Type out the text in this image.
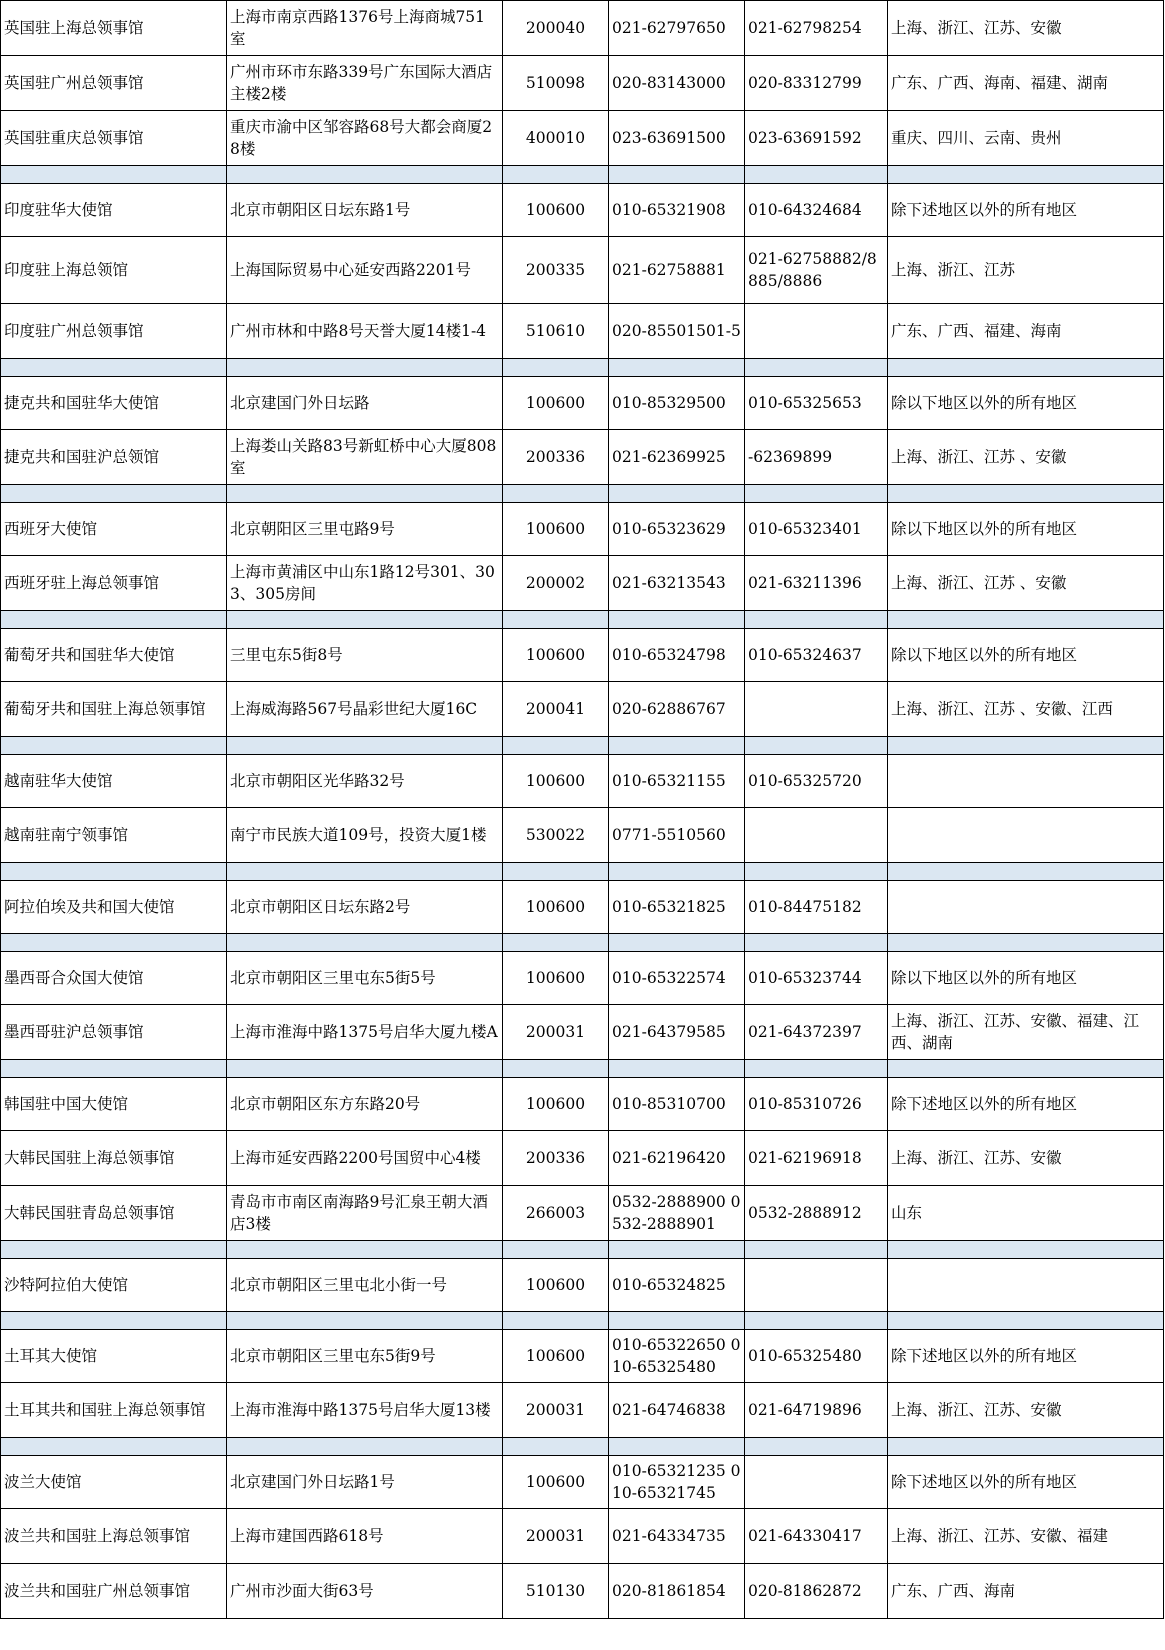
英国驻上海总领事馆	上海市南京西路1376号上海商城751室	200040	021-62797650	021-62798254	上海、浙江、江苏、安徽
英国驻广州总领事馆	广州市环市东路339号广东国际大酒店主楼2楼	510098	020-83143000	020-83312799	广东、广西、海南、福建、湖南
英国驻重庆总领事馆	重庆市渝中区邹容路68号大都会商厦28楼	400010	023-63691500	023-63691592	重庆、四川、云南、贵州

印度驻华大使馆	北京市朝阳区日坛东路1号	100600	010-65321908	010-64324684	除下述地区以外的所有地区
印度驻上海总领馆	上海国际贸易中心延安西路2201号	200335	021-62758881	021-62758882/8885/8886	上海、浙江、江苏
印度驻广州总领事馆	广州市林和中路8号天誉大厦14楼1-4	510610	020-85501501-5		广东、广西、福建、海南

捷克共和国驻华大使馆	北京建国门外日坛路	100600	010-85329500	010-65325653	除以下地区以外的所有地区
捷克共和国驻沪总领馆	上海娄山关路83号新虹桥中心大厦808室	200336	021-62369925	-62369899	上海、浙江、江苏 、安徽

西班牙大使馆	北京朝阳区三里屯路9号	100600	010-65323629	010-65323401	除以下地区以外的所有地区
西班牙驻上海总领事馆	上海市黄浦区中山东1路12号301、303、305房间	200002	021-63213543	021-63211396	上海、浙江、江苏 、安徽

葡萄牙共和国驻华大使馆	三里屯东5街8号	100600	010-65324798	010-65324637	除以下地区以外的所有地区
葡萄牙共和国驻上海总领事馆	上海威海路567号晶彩世纪大厦16C	200041	020-62886767		上海、浙江、江苏 、安徽、江西

越南驻华大使馆	北京市朝阳区光华路32号	100600	010-65321155	010-65325720	
越南驻南宁领事馆	南宁市民族大道109号，投资大厦1楼	530022	0771-5510560		

阿拉伯埃及共和国大使馆	北京市朝阳区日坛东路2号	100600	010-65321825	010-84475182	

墨西哥合众国大使馆	北京市朝阳区三里屯东5街5号	100600	010-65322574	010-65323744	除以下地区以外的所有地区
墨西哥驻沪总领事馆	上海市淮海中路1375号启华大厦九楼A	200031	021-64379585	021-64372397	上海、浙江、江苏、安徽、福建、江西、湖南

韩国驻中国大使馆	北京市朝阳区东方东路20号	100600	010-85310700	010-85310726	除下述地区以外的所有地区
大韩民国驻上海总领事馆	上海市延安西路2200号国贸中心4楼	200336	021-62196420	021-62196918	上海、浙江、江苏、安徽
大韩民国驻青岛总领事馆	青岛市市南区南海路9号汇泉王朝大酒店3楼	266003	0532-2888900 0532-2888901	0532-2888912	山东

沙特阿拉伯大使馆	北京市朝阳区三里屯北小街一号	100600	010-65324825		

土耳其大使馆	北京市朝阳区三里屯东5街9号	100600	010-65322650 010-65325480	010-65325480	除下述地区以外的所有地区
土耳其共和国驻上海总领事馆	上海市淮海中路1375号启华大厦13楼	200031	021-64746838	021-64719896	上海、浙江、江苏、安徽

波兰大使馆	北京建国门外日坛路1号	100600	010-65321235 010-65321745		除下述地区以外的所有地区
波兰共和国驻上海总领事馆	上海市建国西路618号	200031	021-64334735	021-64330417	上海、浙江、江苏、安徽、福建
波兰共和国驻广州总领事馆	广州市沙面大街63号	510130	020-81861854	020-81862872	广东、广西、海南
